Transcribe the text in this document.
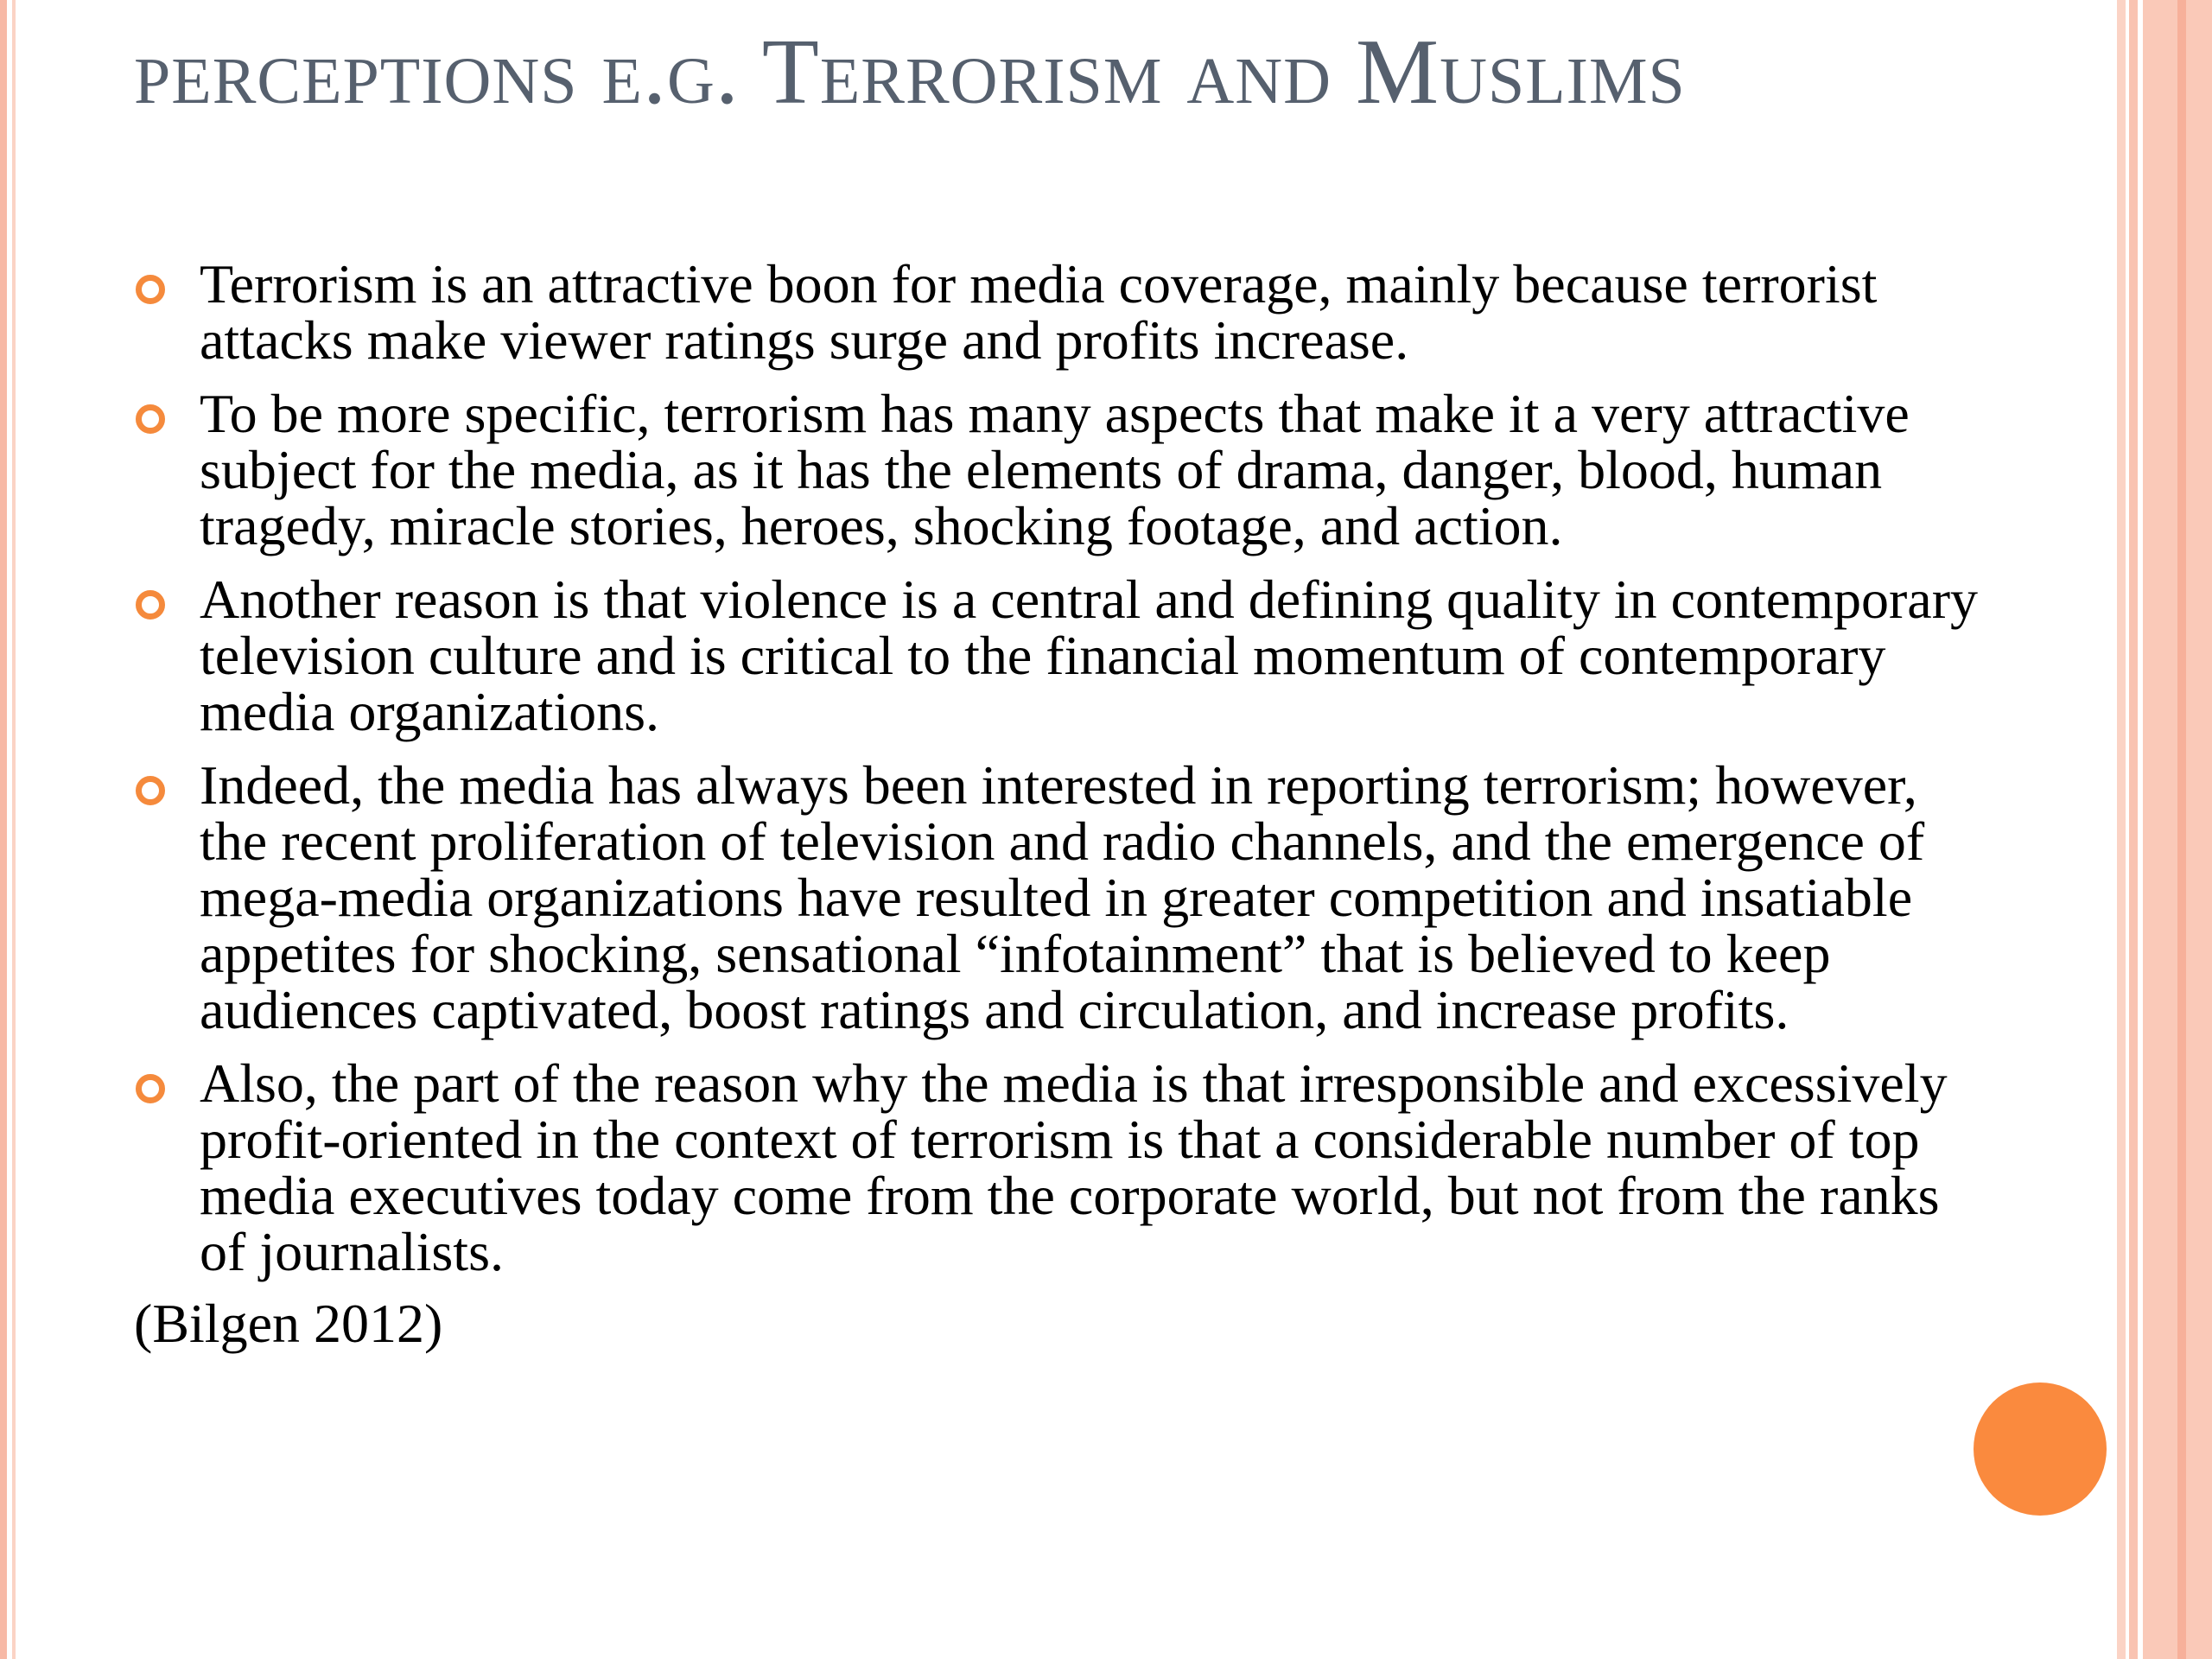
perceptions e.g. Terrorism and Muslims
Terrorism is an attractive boon for media coverage, mainly because terrorist attacks make viewer ratings surge and profits increase.
To be more specific, terrorism has many aspects that make it a very attractive subject for the media, as it has the elements of drama, danger, blood, human tragedy, miracle stories, heroes, shocking footage, and action.
Another reason is that violence is a central and defining quality in contemporary television culture and is critical to the financial momentum of contemporary media organizations.
Indeed, the media has always been interested in reporting terrorism; however, the recent proliferation of television and radio channels, and the emergence of mega-media organizations have resulted in greater competition and insatiable appetites for shocking, sensational “infotainment” that is believed to keep audiences captivated, boost ratings and circulation, and increase profits.
Also, the part of the reason why the media is that irresponsible and excessively profit-oriented in the context of terrorism is that a considerable number of top media executives today come from the corporate world, but not from the ranks of journalists.
(Bilgen 2012)
